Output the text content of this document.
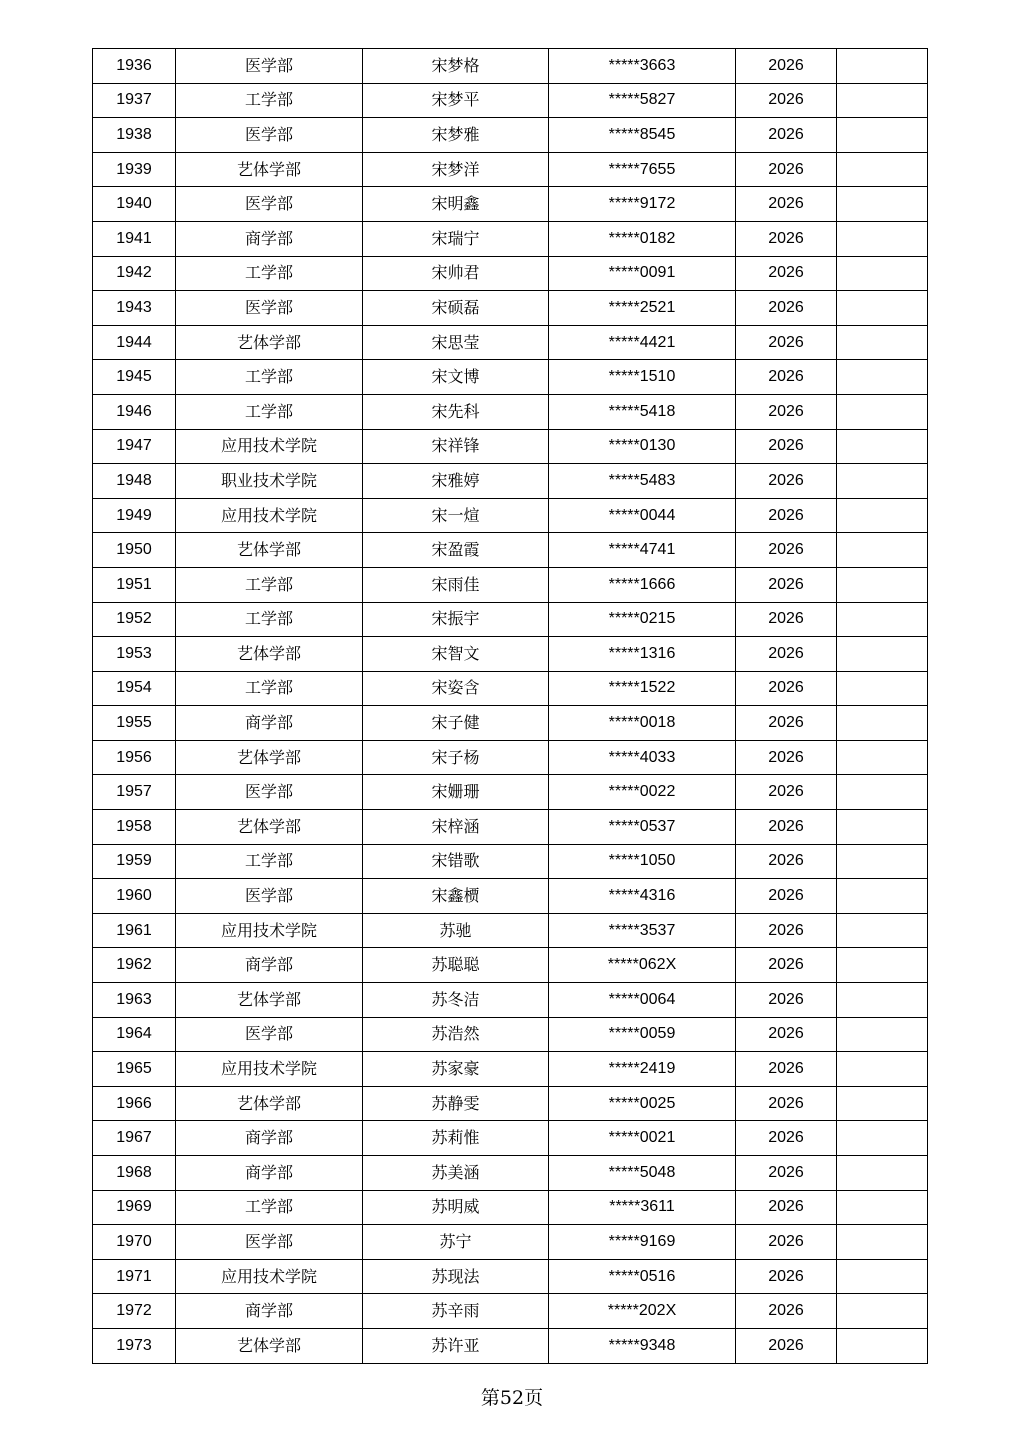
1936	医学部	宋梦格	*****3663	2026	
1937	工学部	宋梦平	*****5827	2026	
1938	医学部	宋梦雅	*****8545	2026	
1939	艺体学部	宋梦洋	*****7655	2026	
1940	医学部	宋明鑫	*****9172	2026	
1941	商学部	宋瑞宁	*****0182	2026	
1942	工学部	宋帅君	*****0091	2026	
1943	医学部	宋硕磊	*****2521	2026	
1944	艺体学部	宋思莹	*****4421	2026	
1945	工学部	宋文博	*****1510	2026	
1946	工学部	宋先科	*****5418	2026	
1947	应用技术学院	宋祥锋	*****0130	2026	
1948	职业技术学院	宋雅婷	*****5483	2026	
1949	应用技术学院	宋一煊	*****0044	2026	
1950	艺体学部	宋盈霞	*****4741	2026	
1951	工学部	宋雨佳	*****1666	2026	
1952	工学部	宋振宇	*****0215	2026	
1953	艺体学部	宋智文	*****1316	2026	
1954	工学部	宋姿含	*****1522	2026	
1955	商学部	宋子健	*****0018	2026	
1956	艺体学部	宋子杨	*****4033	2026	
1957	医学部	宋姗珊	*****0022	2026	
1958	艺体学部	宋梓涵	*****0537	2026	
1959	工学部	宋错歌	*****1050	2026	
1960	医学部	宋鑫槚	*****4316	2026	
1961	应用技术学院	苏驰	*****3537	2026	
1962	商学部	苏聪聪	*****062X	2026	
1963	艺体学部	苏冬洁	*****0064	2026	
1964	医学部	苏浩然	*****0059	2026	
1965	应用技术学院	苏家豪	*****2419	2026	
1966	艺体学部	苏静雯	*****0025	2026	
1967	商学部	苏莉惟	*****0021	2026	
1968	商学部	苏美涵	*****5048	2026	
1969	工学部	苏明威	*****3611	2026	
1970	医学部	苏宁	*****9169	2026	
1971	应用技术学院	苏现法	*****0516	2026	
1972	商学部	苏辛雨	*****202X	2026	
1973	艺体学部	苏许亚	*****9348	2026	
第52页
